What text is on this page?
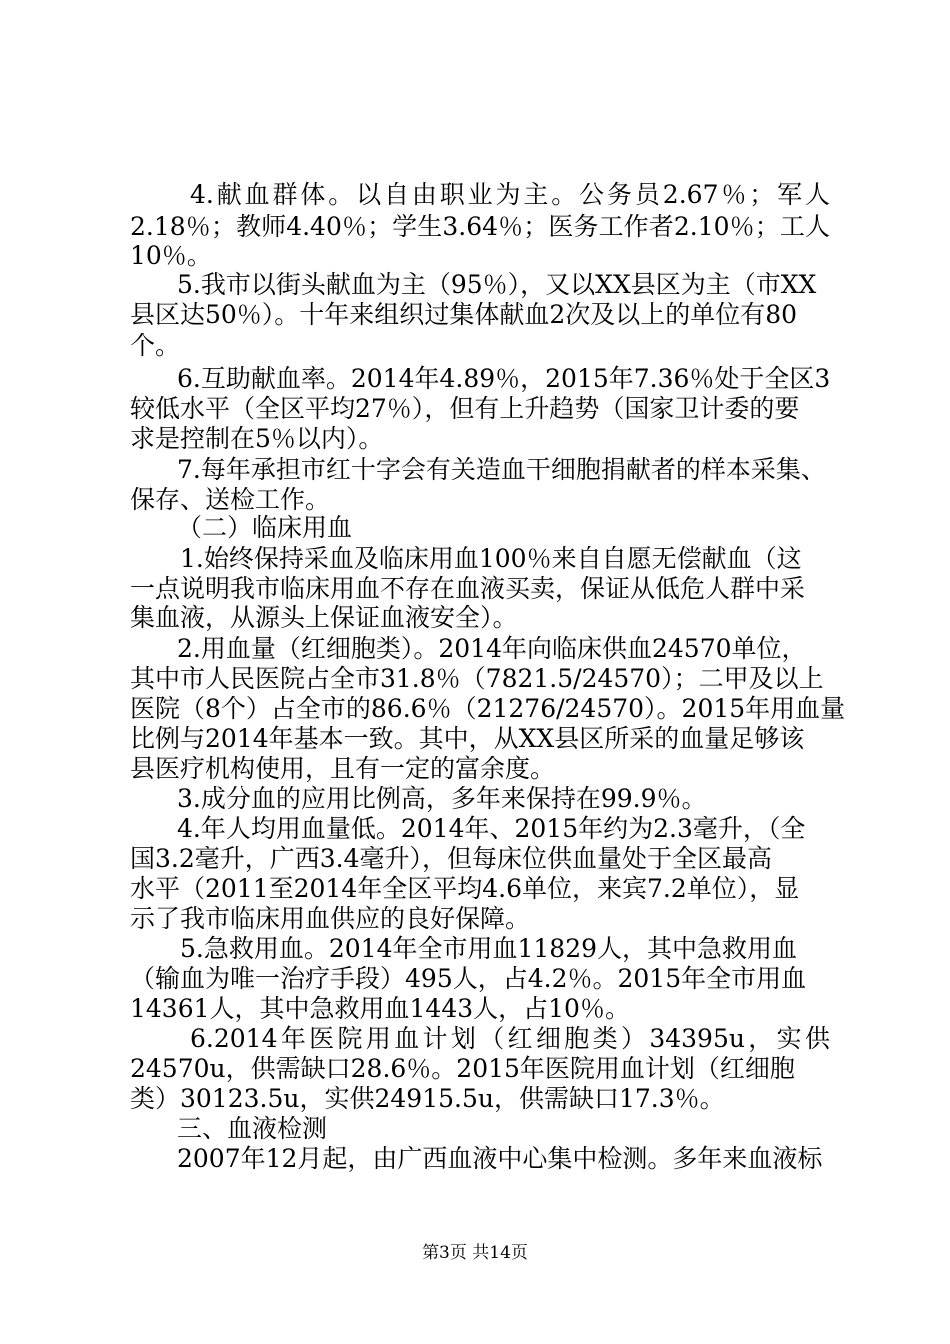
4.献血群体。以自由职业为主。公务员2.67％；军人
2.18％；教师4.40％；学生3.64％；医务工作者2.10％；工人
10％。
5.我市以街头献血为主（95％），又以XX县区为主（市XX
县区达50％）。十年来组织过集体献血2次及以上的单位有80
个。
6.互助献血率。2014年4.89％，2015年7.36％处于全区3
较低水平（全区平均27％），但有上升趋势（国家卫计委的要
求是控制在5％以内）。
7.每年承担市红十字会有关造血干细胞捐献者的样本采集、
保存、送检工作。
（二）临床用血
1.始终保持采血及临床用血100％来自自愿无偿献血（这
一点说明我市临床用血不存在血液买卖，保证从低危人群中采
集血液，从源头上保证血液安全）。
2.用血量（红细胞类）。2014年向临床供血24570单位，
其中市人民医院占全市31.8％（7821.5/24570）；二甲及以上
医院（8个）占全市的86.6％（21276/24570）。2015年用血量
比例与2014年基本一致。其中，从XX县区所采的血量足够该
县医疗机构使用，且有一定的富余度。
3.成分血的应用比例高，多年来保持在99.9％。
4.年人均用血量低。2014年、2015年约为2.3毫升，（全
国3.2毫升，广西3.4毫升），但每床位供血量处于全区最高
水平（2011至2014年全区平均4.6单位，来宾7.2单位），显
示了我市临床用血供应的良好保障。
5.急救用血。2014年全市用血11829人，其中急救用血
（输血为唯一治疗手段）495人，占4.2％。2015年全市用血
14361人，其中急救用血1443人，占10％。
6.2014年医院用血计划（红细胞类）34395u，实供
24570u，供需缺口28.6％。2015年医院用血计划（红细胞
类）30123.5u，实供24915.5u，供需缺口17.3％。
三、血液检测
2007年12月起，由广西血液中心集中检测。多年来血液标
第3页 共14页
